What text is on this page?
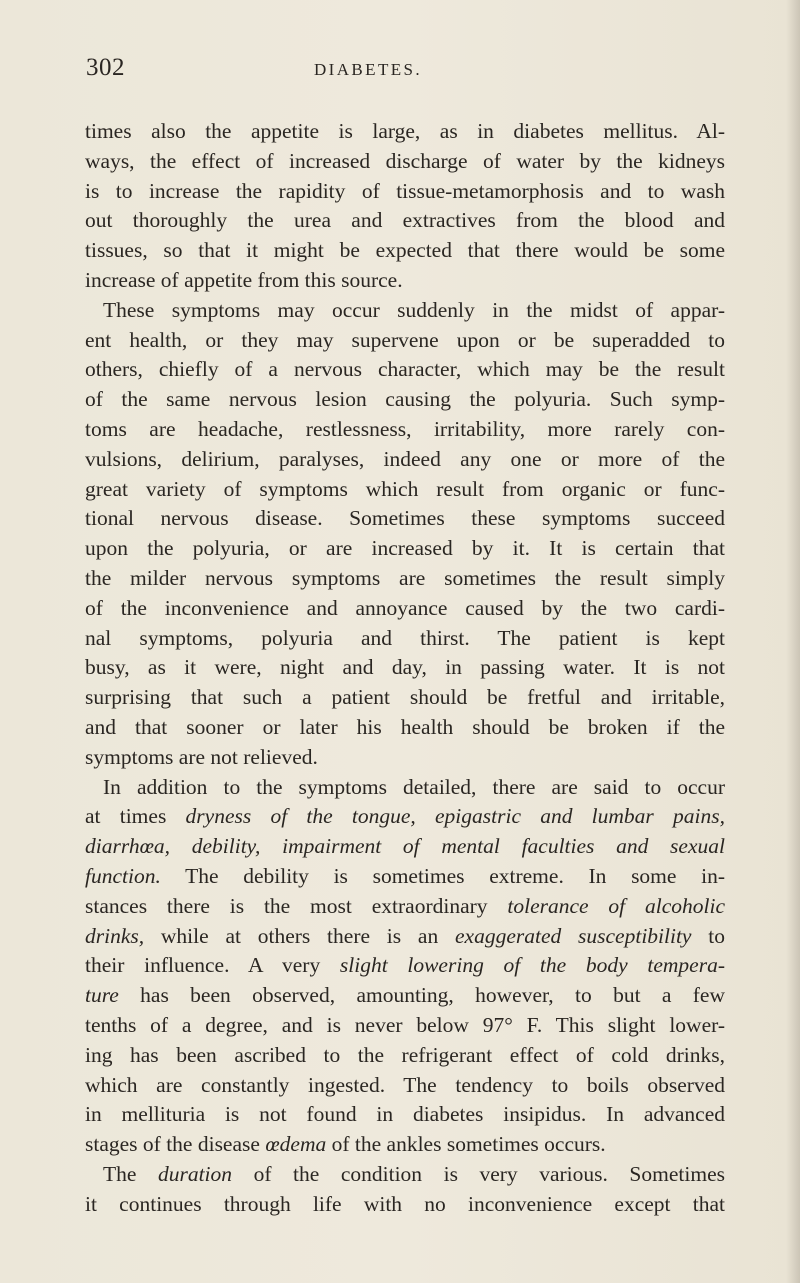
302	DIABETES.
times also the appetite is large, as in diabetes mellitus. Al-
ways, the effect of increased discharge of water by the kidneys
is to increase the rapidity of tissue-metamorphosis and to wash
out thoroughly the urea and extractives from the blood and
tissues, so that it might be expected that there would be some
increase of appetite from this source.
These symptoms may occur suddenly in the midst of appar-
ent health, or they may supervene upon or be superadded to
others, chiefly of a nervous character, which may be the result
of the same nervous lesion causing the polyuria. Such symp-
toms are headache, restlessness, irritability, more rarely con-
vulsions, delirium, paralyses, indeed any one or more of the
great variety of symptoms which result from organic or func-
tional nervous disease. Sometimes these symptoms succeed
upon the polyuria, or are increased by it. It is certain that
the milder nervous symptoms are sometimes the result simply
of the inconvenience and annoyance caused by the two cardi-
nal symptoms, polyuria and thirst. The patient is kept
busy, as it were, night and day, in passing water. It is not
surprising that such a patient should be fretful and irritable,
and that sooner or later his health should be broken if the
symptoms are not relieved.
In addition to the symptoms detailed, there are said to occur
at times dryness of the tongue, epigastric and lumbar pains,
diarrhœa, debility, impairment of mental faculties and sexual
function. The debility is sometimes extreme. In some in-
stances there is the most extraordinary tolerance of alcoholic
drinks, while at others there is an exaggerated susceptibility to
their influence. A very slight lowering of the body tempera-
ture has been observed, amounting, however, to but a few
tenths of a degree, and is never below 97° F. This slight lower-
ing has been ascribed to the refrigerant effect of cold drinks,
which are constantly ingested. The tendency to boils observed
in mellituria is not found in diabetes insipidus. In advanced
stages of the disease œdema of the ankles sometimes occurs.
The duration of the condition is very various. Sometimes
it continues through life with no inconvenience except that
